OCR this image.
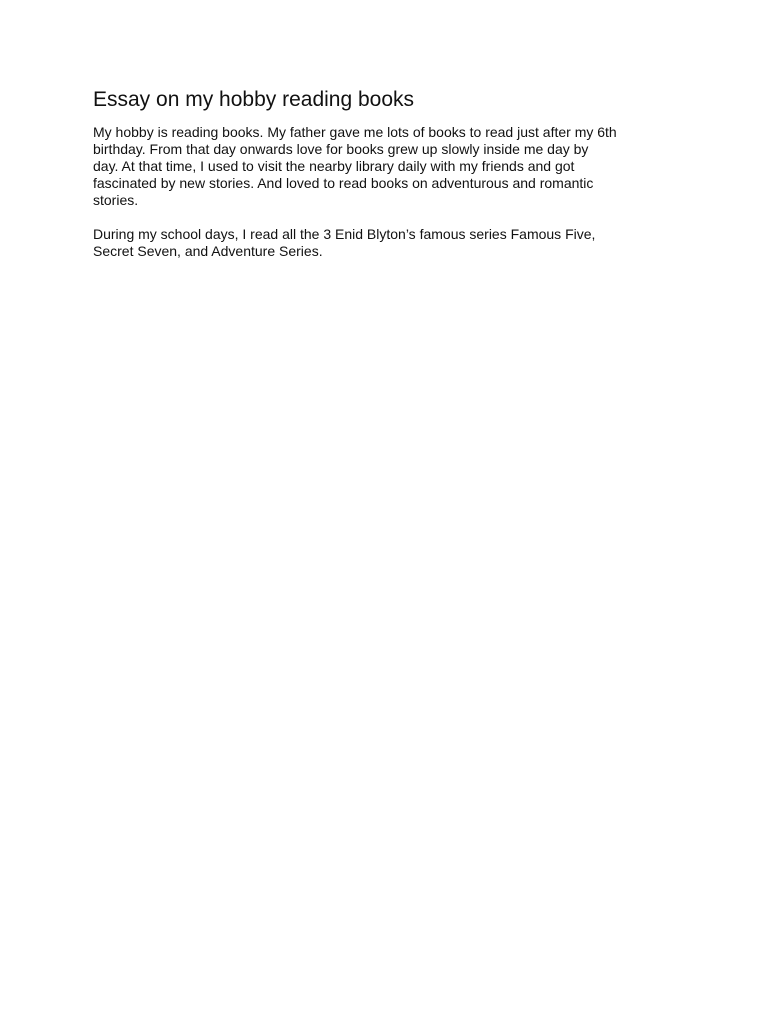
Essay on my hobby reading books

My hobby is reading books. My father gave me lots of books to read just after my 6th
birthday. From that day onwards love for books grew up slowly inside me day by
day. At that time, I used to visit the nearby library daily with my friends and got
fascinated by new stories. And loved to read books on adventurous and romantic
stories.

During my school days, I read all the 3 Enid Blyton’s famous series Famous Five,
Secret Seven, and Adventure Series.
